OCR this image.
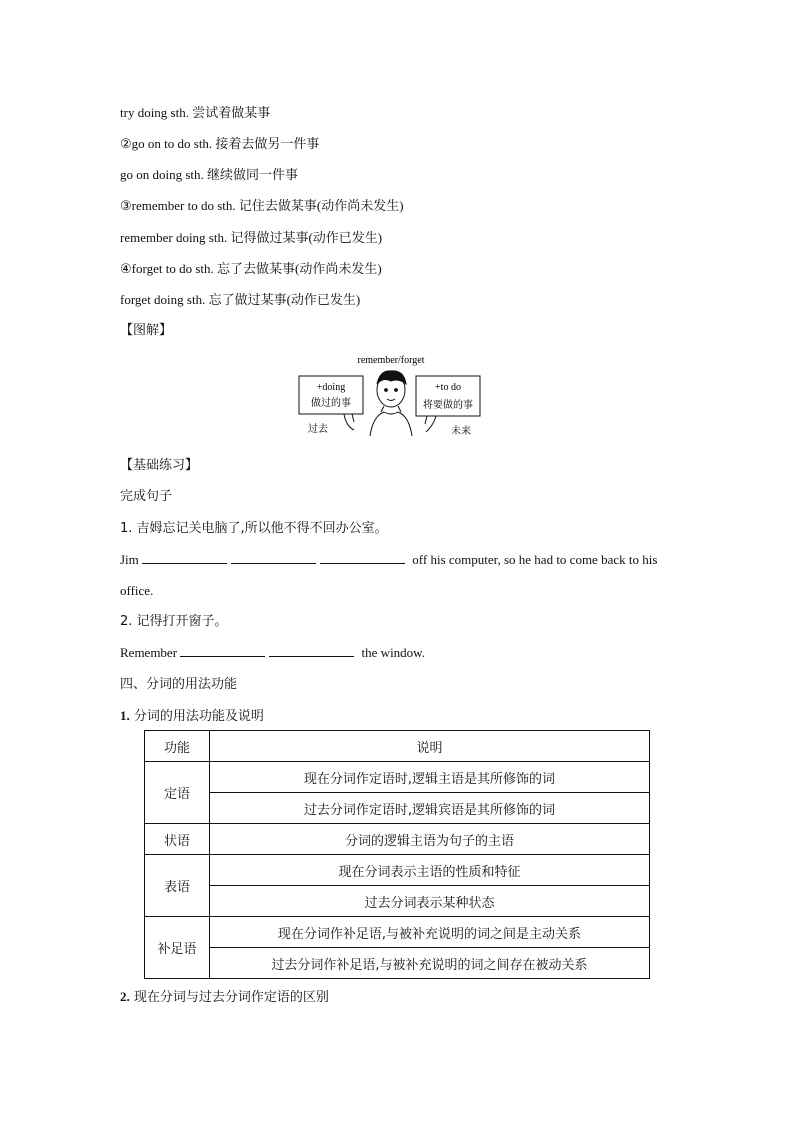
try doing sth. 尝试着做某事
②go on to do sth. 接着去做另一件事
go on doing sth. 继续做同一件事
③remember to do sth. 记住去做某事(动作尚未发生)
remember doing sth. 记得做过某事(动作已发生)
④forget to do sth. 忘了去做某事(动作尚未发生)
forget doing sth. 忘了做过某事(动作已发生)
【图解】
remember/forget
+doing
做过的事
+to do
将要做的事
过去	未来
【基础练习】
完成句子
1. 吉姆忘记关电脑了,所以他不得不回办公室。
Jim	off his computer, so he had to come back to his
office.
2. 记得打开窗子。
Remember	the window.
四、分词的用法功能
1. 分词的用法功能及说明
功能	说明
定语	现在分词作定语时,逻辑主语是其所修饰的词
	过去分词作定语时,逻辑宾语是其所修饰的词
状语	分词的逻辑主语为句子的主语
表语	现在分词表示主语的性质和特征
	过去分词表示某种状态
补足语	现在分词作补足语,与被补充说明的词之间是主动关系
	过去分词作补足语,与被补充说明的词之间存在被动关系
2. 现在分词与过去分词作定语的区别
